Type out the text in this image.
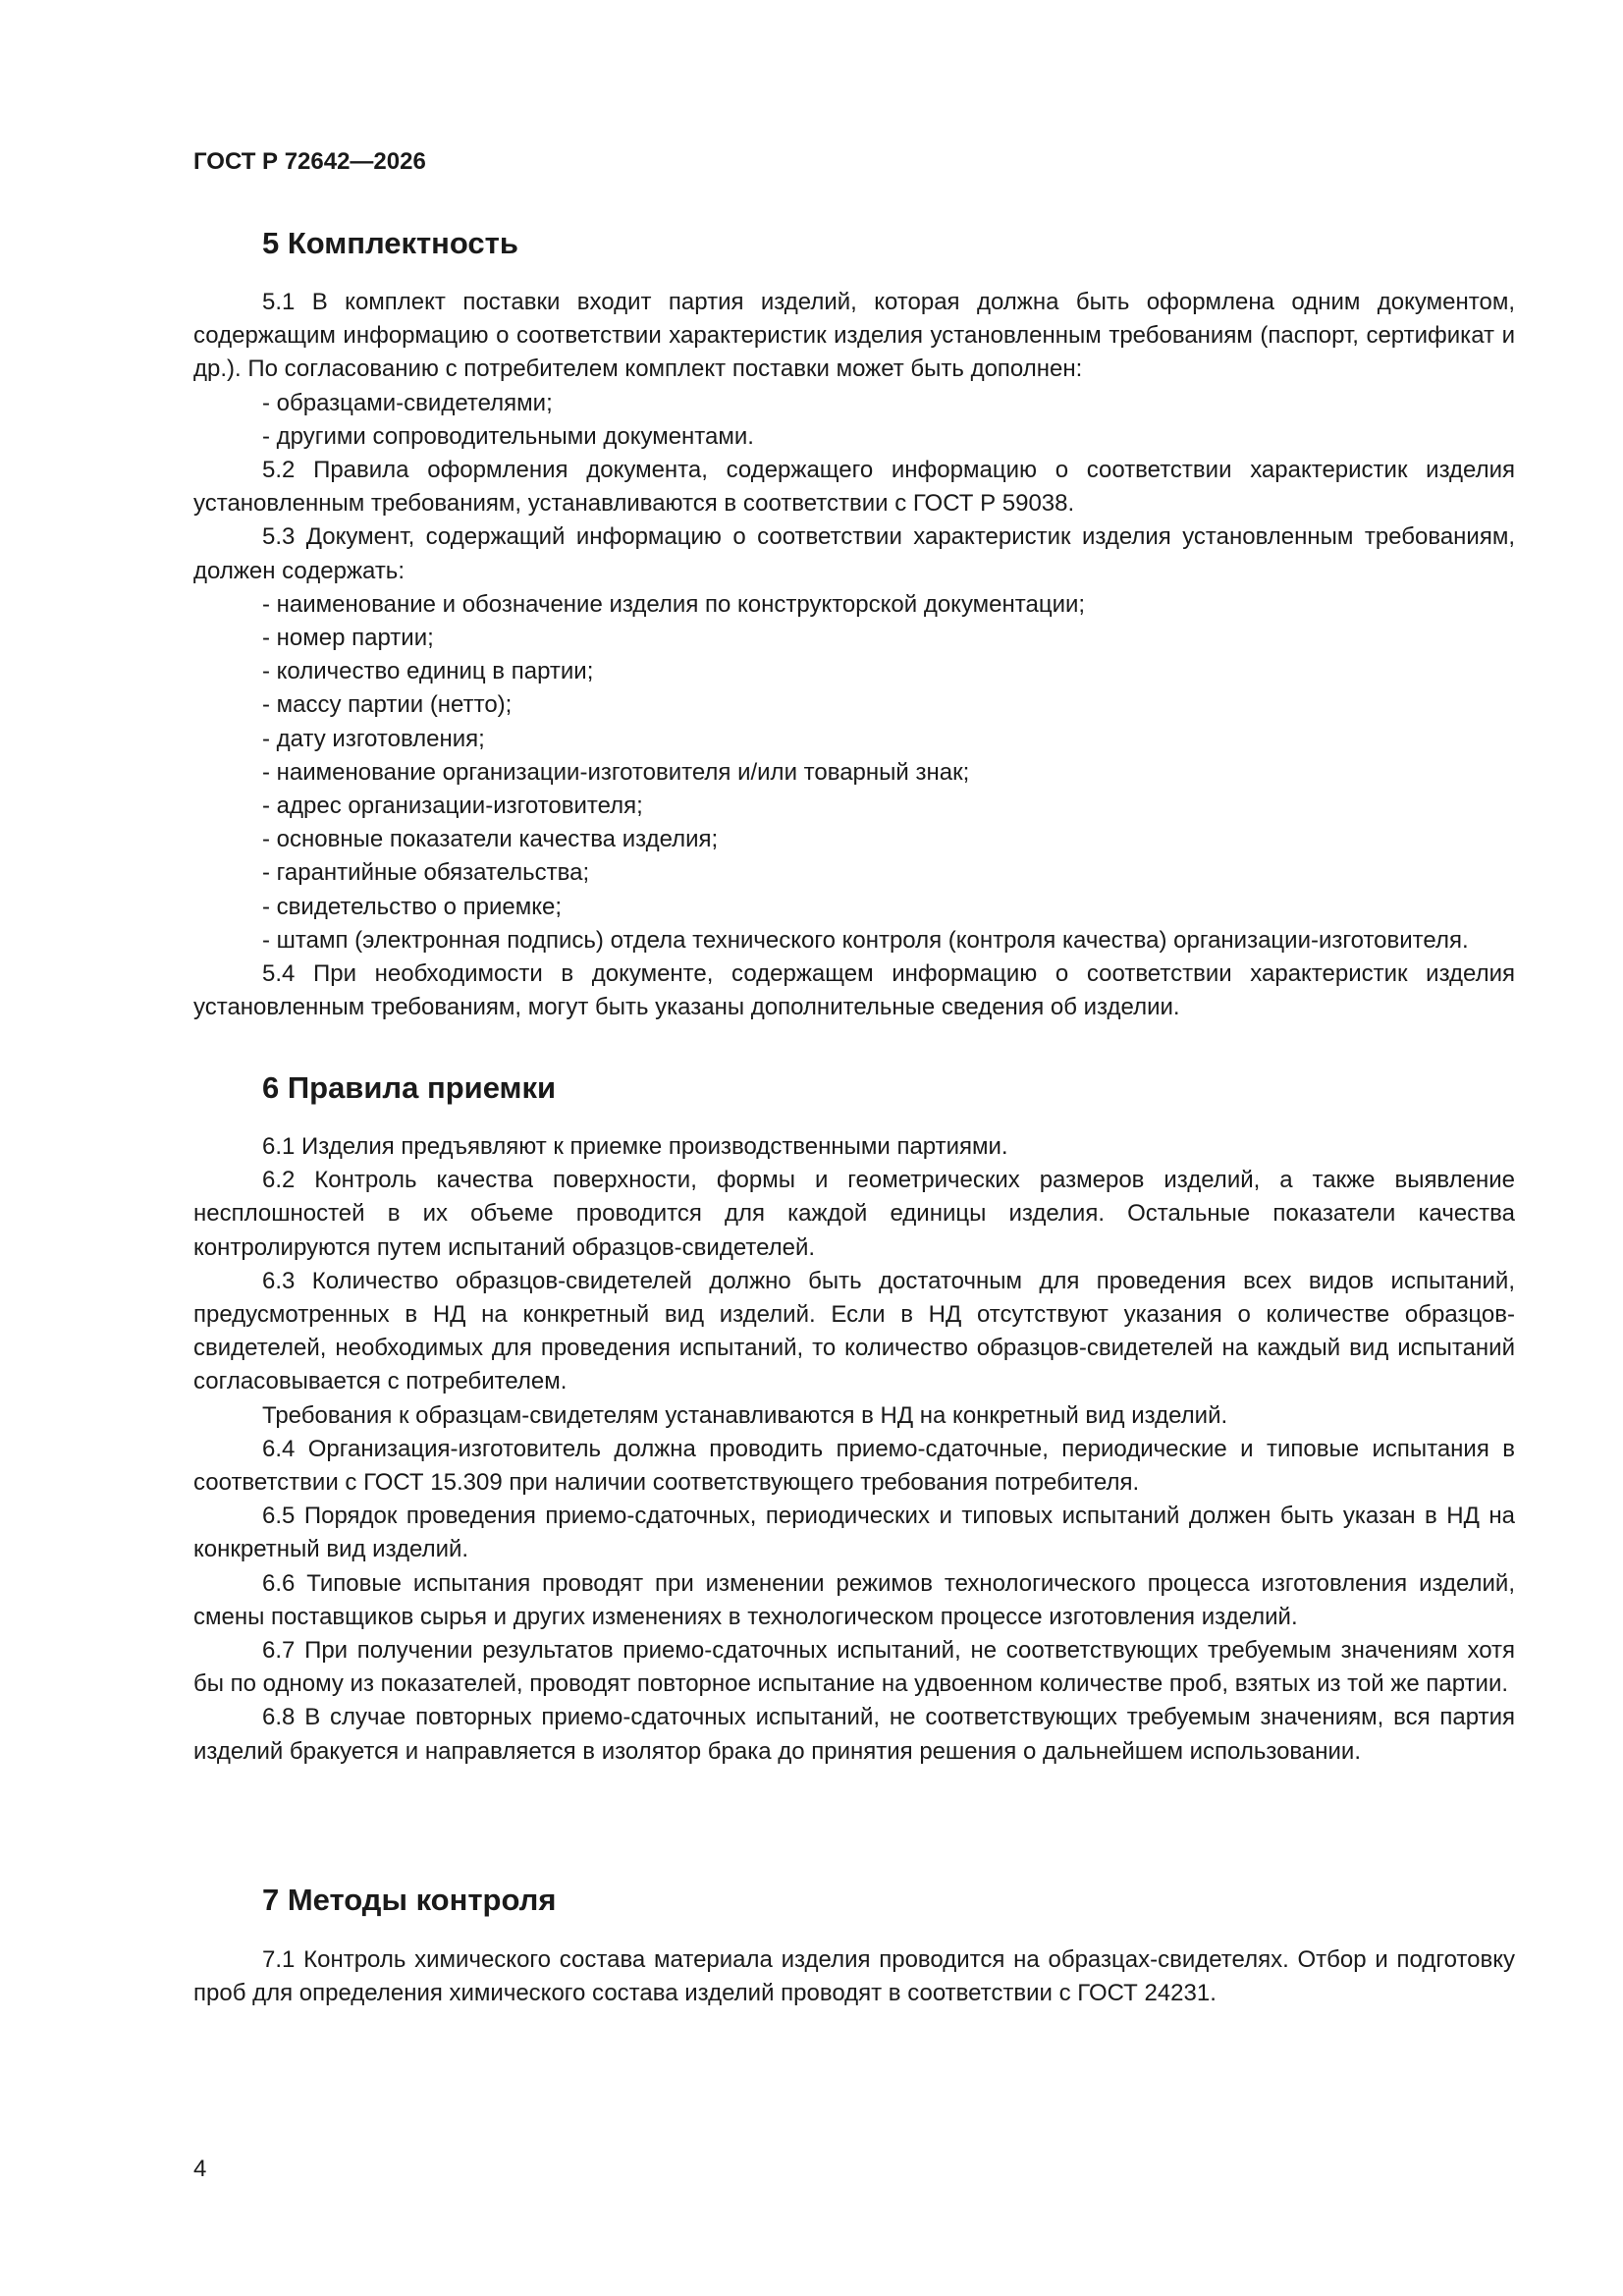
ГОСТ Р 72642—2026
5 Комплектность

5.1 В комплект поставки входит партия изделий, которая должна быть оформлена одним документом, содержащим информацию о соответствии характеристик изделия установленным требованиям (паспорт, сертификат и др.). По согласованию с потребителем комплект поставки может быть дополнен:

- образцами-свидетелями;

- другими сопроводительными документами.

5.2 Правила оформления документа, содержащего информацию о соответствии характеристик изделия установленным требованиям, устанавливаются в соответствии с ГОСТ Р 59038.

5.3 Документ, содержащий информацию о соответствии характеристик изделия установленным требованиям, должен содержать:

- наименование и обозначение изделия по конструкторской документации;

- номер партии;

- количество единиц в партии;

- массу партии (нетто);

- дату изготовления;

- наименование организации-изготовителя и/или товарный знак;

- адрес организации-изготовителя;

- основные показатели качества изделия;

- гарантийные обязательства;

- свидетельство о приемке;

- штамп (электронная подпись) отдела технического контроля (контроля качества) организации-изготовителя.

5.4 При необходимости в документе, содержащем информацию о соответствии характеристик изделия установленным требованиям, могут быть указаны дополнительные сведения об изделии.

6 Правила приемки

6.1 Изделия предъявляют к приемке производственными партиями.

6.2 Контроль качества поверхности, формы и геометрических размеров изделий, а также выявление несплошностей в их объеме проводится для каждой единицы изделия. Остальные показатели качества контролируются путем испытаний образцов-свидетелей.

6.3 Количество образцов-свидетелей должно быть достаточным для проведения всех видов испытаний, предусмотренных в НД на конкретный вид изделий. Если в НД отсутствуют указания о количестве образцов-свидетелей, необходимых для проведения испытаний, то количество образцов-свидетелей на каждый вид испытаний согласовывается с потребителем.

Требования к образцам-свидетелям устанавливаются в НД на конкретный вид изделий.

6.4 Организация-изготовитель должна проводить приемо-сдаточные, периодические и типовые испытания в соответствии с ГОСТ 15.309 при наличии соответствующего требования потребителя.

6.5 Порядок проведения приемо-сдаточных, периодических и типовых испытаний должен быть указан в НД на конкретный вид изделий.

6.6 Типовые испытания проводят при изменении режимов технологического процесса изготовления изделий, смены поставщиков сырья и других изменениях в технологическом процессе изготовления изделий.

6.7 При получении результатов приемо-сдаточных испытаний, не соответствующих требуемым значениям хотя бы по одному из показателей, проводят повторное испытание на удвоенном количестве проб, взятых из той же партии.

6.8 В случае повторных приемо-сдаточных испытаний, не соответствующих требуемым значениям, вся партия изделий бракуется и направляется в изолятор брака до принятия решения о дальнейшем использовании.

7 Методы контроля

7.1 Контроль химического состава материала изделия проводится на образцах-свидетелях. Отбор и подготовку проб для определения химического состава изделий проводят в соответствии с ГОСТ 24231.

4
